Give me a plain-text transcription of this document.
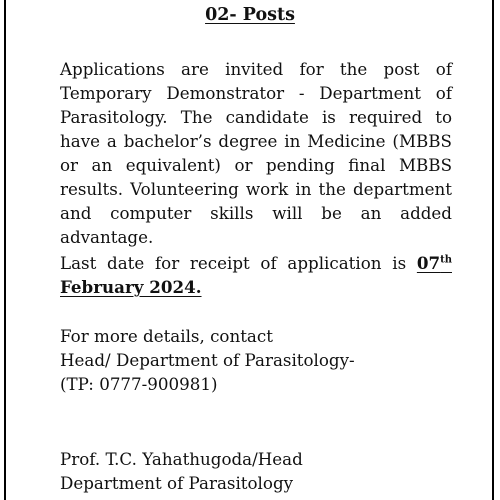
02- Posts

Applications are invited for the post of Temporary Demonstrator - Department of Parasitology. The candidate is required to have a bachelor’s degree in Medicine (MBBS or an equivalent) or pending final MBBS results. Volunteering work in the department and computer skills will be an added advantage.

Last date for receipt of application is 07th February 2024.

For more details, contact
Head/ Department of Parasitology-
(TP: 0777-900981)

Prof. T.C. Yahathugoda/Head
Department of Parasitology
